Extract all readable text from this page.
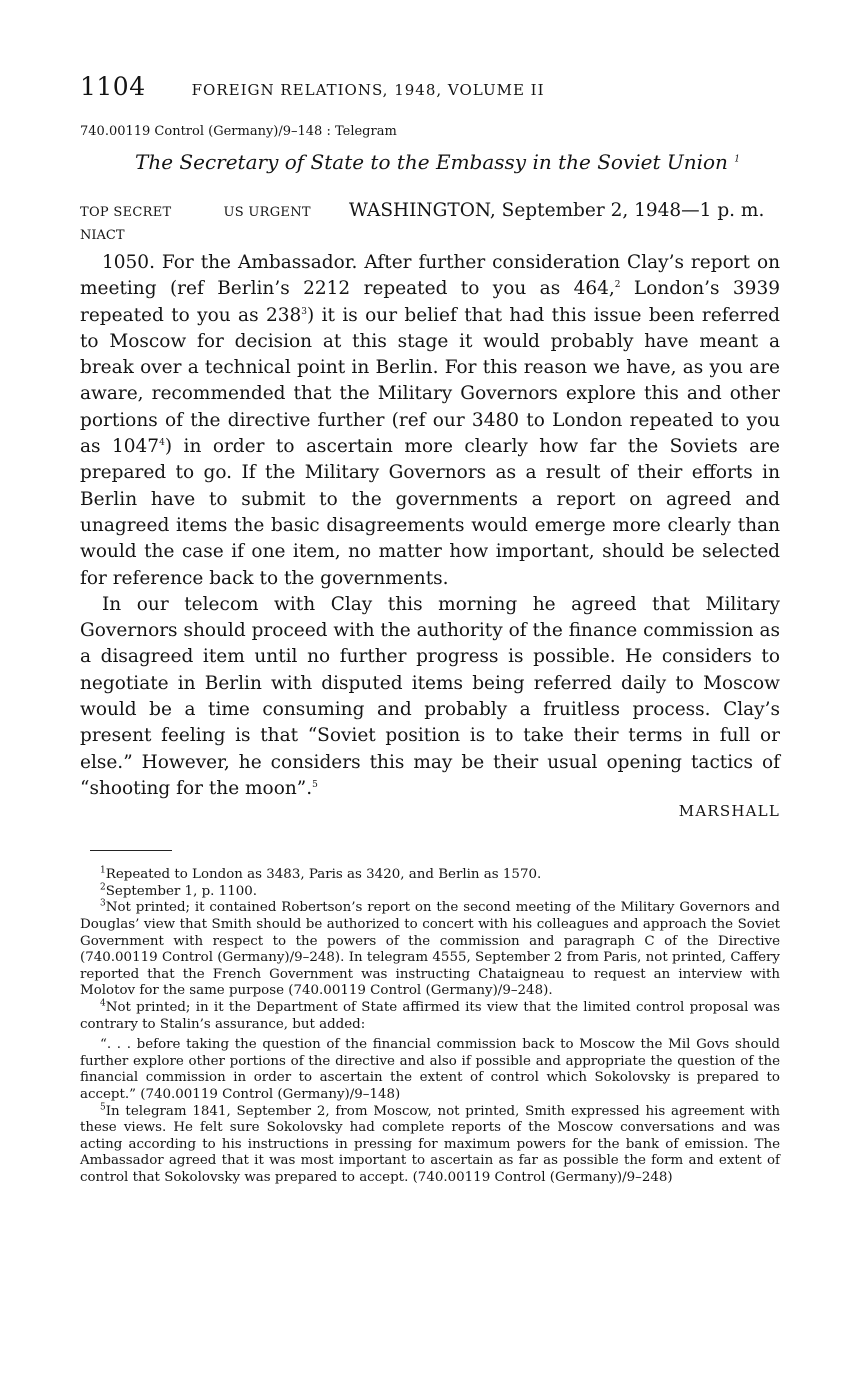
1104	FOREIGN RELATIONS, 1948, VOLUME II
740.00119 Control (Germany)/9–148 : Telegram
The Secretary of State to the Embassy in the Soviet Union $^1$
TOP SECRET	US URGENT WASHINGTON, September 2, 1948—1 p. m.
NIACT

1050. For the Ambassador. After further consideration Clay’s report on meeting (ref Berlin’s 2212 repeated to you as 464,$^2$ London’s 3939 repeated to you as $238^3$) it is our belief that had this issue been referred to Moscow for decision at this stage it would probably have meant a break over a technical point in Berlin. For this reason we have, as you are aware, recommended that the Military Governors explore this and other portions of the directive further (ref our 3480 to London repeated to you as 1047$^4$) in order to ascertain more clearly how far the Soviets are prepared to go. If the Military Governors as a result of their efforts in Berlin have to submit to the governments a report on agreed and unagreed items the basic disagreements would emerge more clearly than would the case if one item, no matter how important, should be selected for reference back to the governments.

In our telecom with Clay this morning he agreed that Military Governors should proceed with the authority of the finance commission as a disagreed item until no further progress is possible. He considers to negotiate in Berlin with disputed items being referred daily to Moscow would be a time consuming and probably a fruitless process. Clay’s present feeling is that “Soviet position is to take their terms in full or else.” However, he considers this may be their usual opening tactics of “shooting for the moon”.$^5$

MARSHALL

$^1$Repeated to London as 3483, Paris as 3420, and Berlin as 1570.

$^2$September 1, p. 1100.

$^3$Not printed; it contained Robertson’s report on the second meeting of the Military Governors and Douglas’ view that Smith should be authorized to concert with his colleagues and approach the Soviet Government with respect to the powers of the commission and paragraph C of the Directive (740.00119 Control (Germany)/9–248). In telegram 4555, September 2 from Paris, not printed, Caffery reported that the French Government was instructing Chataigneau to request an interview with Molotov for the same purpose (740.00119 Control (Germany)/9–248).

$^4$Not printed; in it the Department of State affirmed its view that the limited control proposal was contrary to Stalin’s assurance, but added:

“. . . before taking the question of the financial commission back to Moscow the Mil Govs should further explore other portions of the directive and also if possible and appropriate the question of the financial commission in order to ascertain the extent of control which Sokolovsky is prepared to accept.” (740.00119 Control (Germany)/9–148)

$^5$In telegram 1841, September 2, from Moscow, not printed, Smith expressed his agreement with these views. He felt sure Sokolovsky had complete reports of the Moscow conversations and was acting according to his instructions in pressing for maximum powers for the bank of emission. The Ambassador agreed that it was most important to ascertain as far as possible the form and extent of control that Sokolovsky was prepared to accept. (740.00119 Control (Germany)/9–248)
